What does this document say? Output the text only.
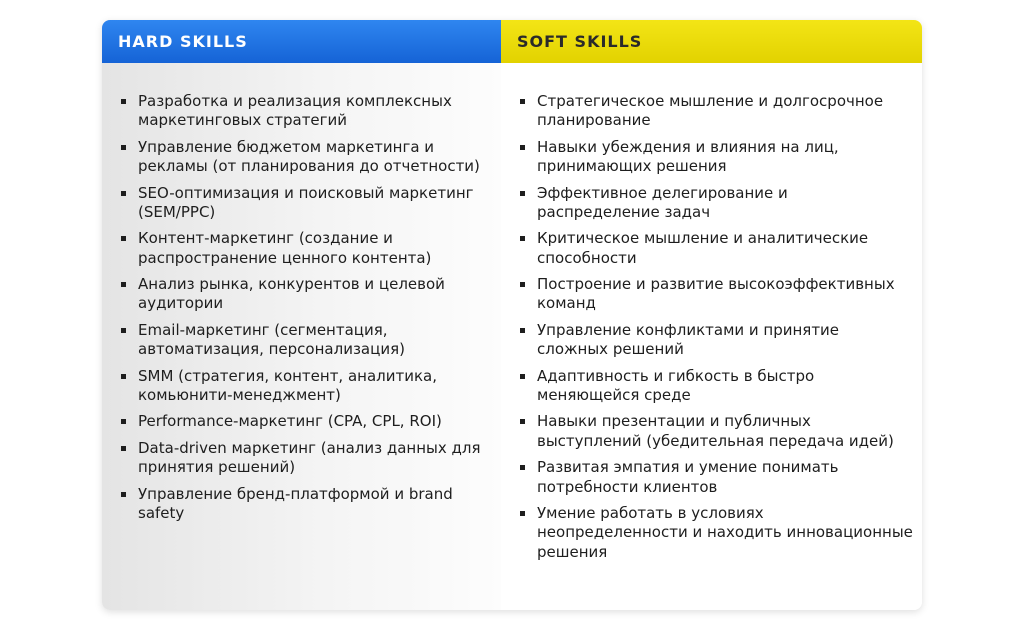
HARD SKILLS
Разработка и реализация комплексных маркетинговых стратегий
Управление бюджетом маркетинга и рекламы (от планирования до отчетности)
SEO-оптимизация и поисковый маркетинг (SEM/PPC)
Контент-маркетинг (создание и распространение ценного контента)
Анализ рынка, конкурентов и целевой аудитории
Email-маркетинг (сегментация, автоматизация, персонализация)
SMM (стратегия, контент, аналитика, комьюнити-менеджмент)
Performance-маркетинг (CPA, CPL, ROI)
Data-driven маркетинг (анализ данных для принятия решений)
Управление бренд-платформой и brand safety
SOFT SKILLS
Стратегическое мышление и долгосрочное планирование
Навыки убеждения и влияния на лиц, принимающих решения
Эффективное делегирование и распределение задач
Критическое мышление и аналитические способности
Построение и развитие высокоэффективных команд
Управление конфликтами и принятие сложных решений
Адаптивность и гибкость в быстро меняющейся среде
Навыки презентации и публичных выступлений (убедительная передача идей)
Развитая эмпатия и умение понимать потребности клиентов
Умение работать в условиях неопределенности и находить инновационные решения
